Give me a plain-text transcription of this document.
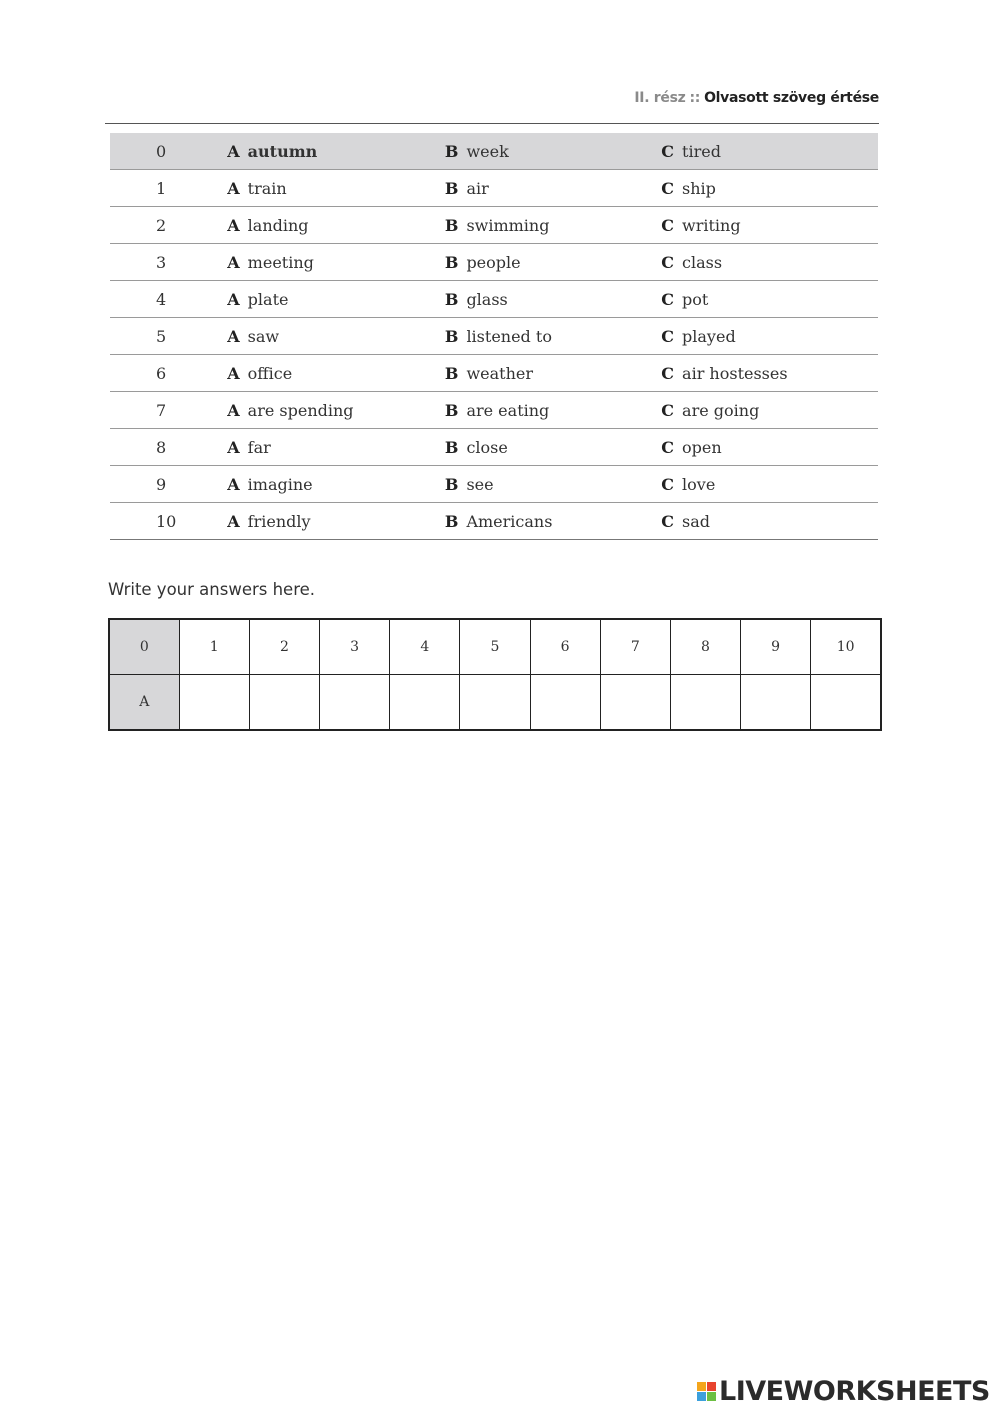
II. rész :: Olvasott szöveg értése
0	A autumn	B week	C tired
1	A train	B air	C ship
2	A landing	B swimming	C writing
3	A meeting	B people	C class
4	A plate	B glass	C pot
5	A saw	B listened to	C played
6	A office	B weather	C air hostesses
7	A are spending	B are eating	C are going
8	A far	B close	C open
9	A imagine	B see	C love
10	A friendly	B Americans	C sad
Write your answers here.
0	1	2	3	4	5	6	7	8	9	10
A										
LIVEWORKSHEETS
